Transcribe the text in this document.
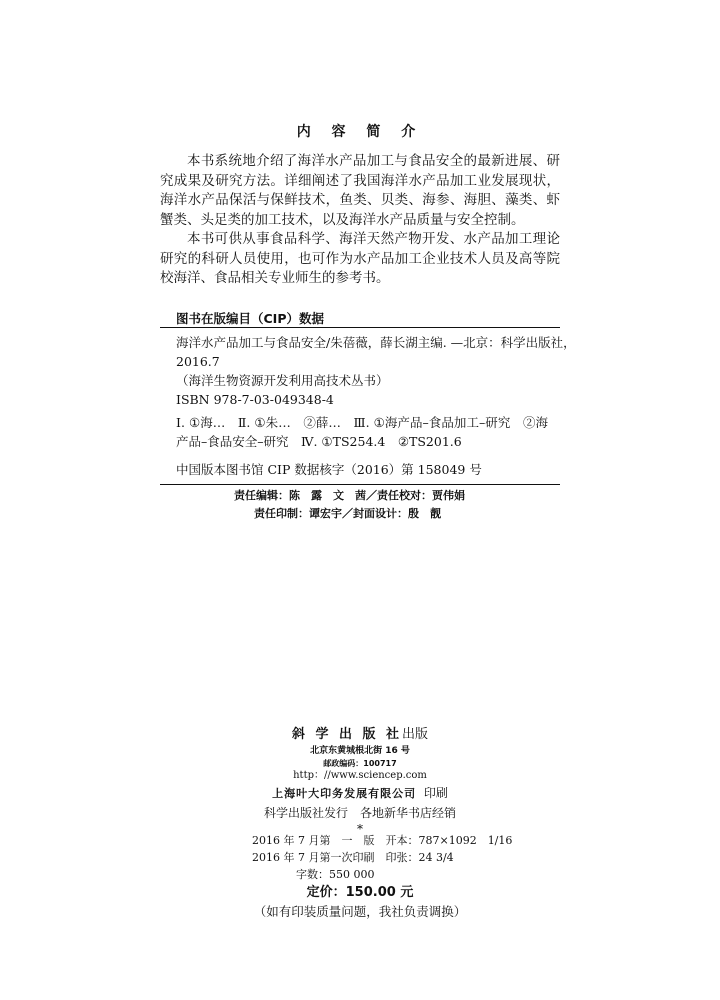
内 容 简 介

本书系统地介绍了海洋水产品加工与食品安全的最新进展、研究成果及研究方法。详细阐述了我国海洋水产品加工业发展现状，海洋水产品保活与保鲜技术，鱼类、贝类、海参、海胆、藻类、虾蟹类、头足类的加工技术，以及海洋水产品质量与安全控制。

本书可供从事食品科学、海洋天然产物开发、水产品加工理论研究的科研人员使用，也可作为水产品加工企业技术人员及高等院校海洋、食品相关专业师生的参考书。

图书在版编目（CIP）数据
海洋水产品加工与食品安全/朱蓓薇，薛长湖主编. —北京：科学出版社，
2016.7
（海洋生物资源开发利用高技术丛书）
ISBN 978-7-03-049348-4
Ⅰ. ①海…　Ⅱ. ①朱…　②薛…　Ⅲ. ①海产品–食品加工–研究　②海产品–食品安全–研究　Ⅳ. ①TS254.4　②TS201.6
中国版本图书馆 CIP 数据核字（2016）第 158049 号
责任编辑：陈　露　文　茜／责任校对：贾伟娟
责任印制：谭宏宇／封面设计：殷　靓
斜 学 出 版 社出版
北京东黄城根北街 16 号
邮政编码：100717
http：//www.sciencep.com
上海叶大印务发展有限公司 印刷
科学出版社发行　各地新华书店经销
*
2016 年 7 月第　一　版　开本：787×1092　1/16
2016 年 7 月第一次印刷　印张：24 3/4
字数：550 000
定价：150.00 元
（如有印装质量问题，我社负责调换）
